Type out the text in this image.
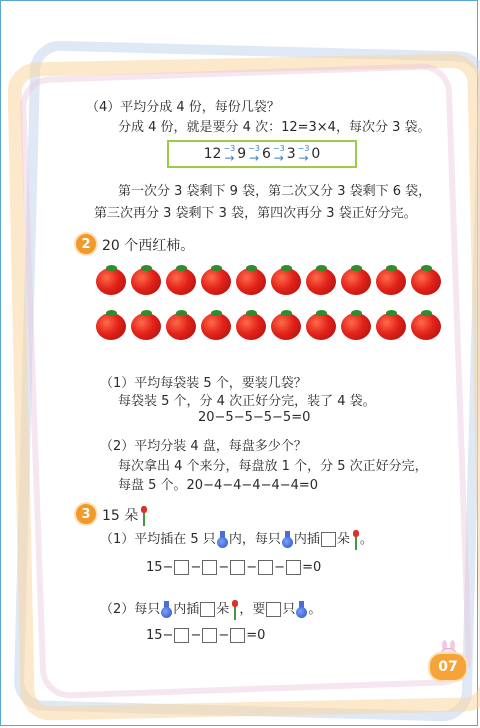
（4）平均分成 4 份，每份几袋？
分成 4 份，就是要分 4 次：12=3×4，每次分 3 袋。
12 −3
→ 9 −3
→ 6 −3
→ 3 −3
→ 0
第一次分 3 袋剩下 9 袋，第二次又分 3 袋剩下 6 袋，
第三次再分 3 袋剩下 3 袋，第四次再分 3 袋正好分完。
2 20 个西红柿。
（1）平均每袋装 5 个，要装几袋？
每袋装 5 个，分 4 次正好分完，装了 4 袋。
20−5−5−5−5=0
（2）平均分装 4 盘，每盘多少个？
每次拿出 4 个来分，每盘放 1 个，分 5 次正好分完，
每盘 5 个。20−4−4−4−4−4=0
3 15 朵
（1）平均插在 5 只 内，每只 内插 朵 。
15− − − − − =0
（2）每只 内插 朵 ，要 只 。
15− − − =0
07
